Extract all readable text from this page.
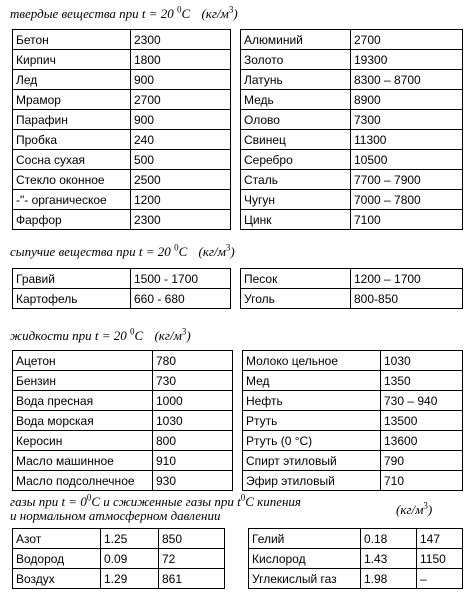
твердые вещества при t = 20 $^0$C $(кг/м^3)$
Бетон	2300		Алюминий	2700
Кирпич	1800		Золото	19300
Лед	900		Латунь	8300 – 8700
Мрамор	2700		Медь	8900
Парафин	900		Олово	7300
Пробка	240		Свинец	11300
Сосна сухая	500		Серебро	10500
Стекло оконное	2500		Сталь	7700 – 7900
-"- органическое	1200		Чугун	7000 – 7800
Фарфор	2300		Цинк	7100
сыпучие вещества при t = 20 $^0$C $(кг/м^3)$
Гравий	1500 - 1700		Песок	1200 – 1700
Картофель	660 - 680		Уголь	800-850
жидкости при t = 20 $^0$C $(кг/м^3)$
Ацетон	780		Молоко цельное	1030
Бензин	730		Мед	1350
Вода пресная	1000		Нефть	730 – 940
Вода морская	1030		Ртуть	13500
Керосин	800		Ртуть (0 °С)	13600
Масло машинное	910		Спирт этиловый	790
Масло подсолнечное	930		Эфир этиловый	710
газы при $t = 0^0C$ и сжиженные газы при $t^0C$ кипения
и нормальном атмосферном давлении	$(кг/м^3)$
Азот	1.25	850		Гелий	0.18	147
Водород	0.09	72		Кислород	1.43	1150
Воздух	1.29	861		Углекислый газ	1.98	–
